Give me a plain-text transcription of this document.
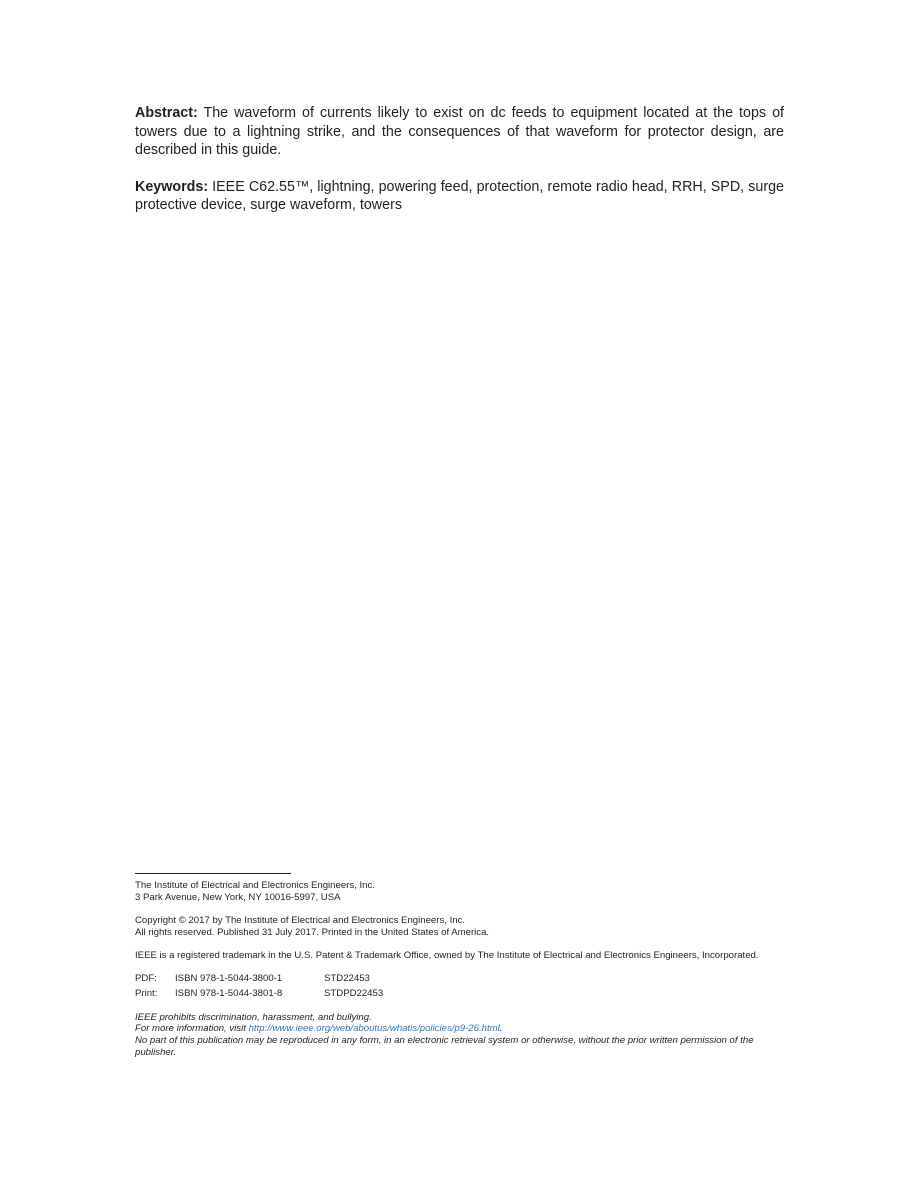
Abstract: The waveform of currents likely to exist on dc feeds to equipment located at the tops of towers due to a lightning strike, and the consequences of that waveform for protector design, are described in this guide.

Keywords: IEEE C62.55™, lightning, powering feed, protection, remote radio head, RRH, SPD, surge protective device, surge waveform, towers

The Institute of Electrical and Electronics Engineers, Inc.

3 Park Avenue, New York, NY 10016-5997, USA

Copyright © 2017 by The Institute of Electrical and Electronics Engineers, Inc.

All rights reserved. Published 31 July 2017. Printed in the United States of America.

IEEE is a registered trademark in the U.S. Patent & Trademark Office, owned by The Institute of Electrical and Electronics Engineers, Incorporated.

PDF:	ISBN 978-1-5044-3800-1	STD22453
Print:	ISBN 978-1-5044-3801-8	STDPD22453

IEEE prohibits discrimination, harassment, and bullying.

For more information, visit http://www.ieee.org/web/aboutus/whatis/policies/p9-26.html.

No part of this publication may be reproduced in any form, in an electronic retrieval system or otherwise, without the prior written permission of the publisher.
